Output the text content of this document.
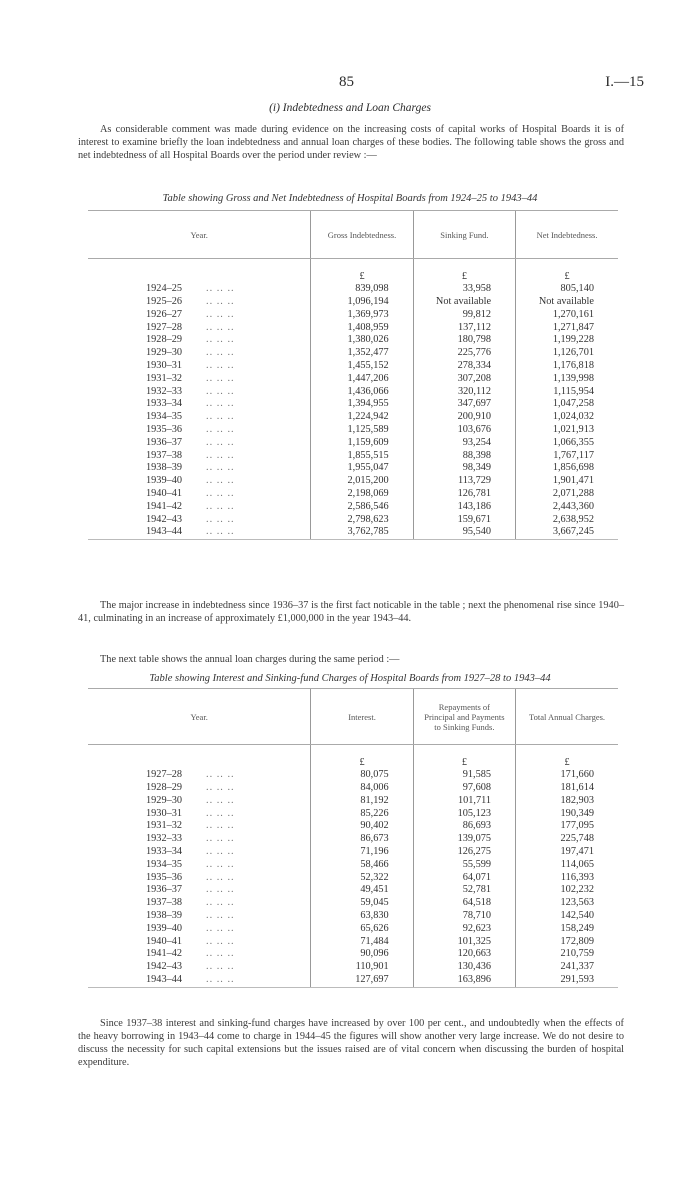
85	I.—15
(i) Indebtedness and Loan Charges

As considerable comment was made during evidence on the increasing costs of capital works of Hospital Boards it is of interest to examine briefly the loan indebtedness and annual loan charges of these bodies. The following table shows the gross and net indebtedness of all Hospital Boards over the period under review :—

Table showing Gross and Net Indebtedness of Hospital Boards from 1924–25 to 1943–44
Year.	Gross Indebtedness.	Sinking Fund.	Net Indebtedness.

	£	£	£
1924–25 .. .. ..	839,098	33,958	805,140
1925–26 .. .. ..	1,096,194	Not available	Not available
1926–27 .. .. ..	1,369,973	99,812	1,270,161
1927–28 .. .. ..	1,408,959	137,112	1,271,847
1928–29 .. .. ..	1,380,026	180,798	1,199,228
1929–30 .. .. ..	1,352,477	225,776	1,126,701
1930–31 .. .. ..	1,455,152	278,334	1,176,818
1931–32 .. .. ..	1,447,206	307,208	1,139,998
1932–33 .. .. ..	1,436,066	320,112	1,115,954
1933–34 .. .. ..	1,394,955	347,697	1,047,258
1934–35 .. .. ..	1,224,942	200,910	1,024,032
1935–36 .. .. ..	1,125,589	103,676	1,021,913
1936–37 .. .. ..	1,159,609	93,254	1,066,355
1937–38 .. .. ..	1,855,515	88,398	1,767,117
1938–39 .. .. ..	1,955,047	98,349	1,856,698
1939–40 .. .. ..	2,015,200	113,729	1,901,471
1940–41 .. .. ..	2,198,069	126,781	2,071,288
1941–42 .. .. ..	2,586,546	143,186	2,443,360
1942–43 .. .. ..	2,798,623	159,671	2,638,952
1943–44 .. .. ..	3,762,785	95,540	3,667,245

The major increase in indebtedness since 1936–37 is the first fact noticable in the table ; next the phenomenal rise since 1940–41, culminating in an increase of approximately £1,000,000 in the year 1943–44.

The next table shows the annual loan charges during the same period :—

Table showing Interest and Sinking-fund Charges of Hospital Boards from 1927–28 to 1943–44
Year.	Interest.	Repayments of Principal and Payments to Sinking Funds.	Total Annual Charges.

	£	£	£
1927–28 .. .. ..	80,075	91,585	171,660
1928–29 .. .. ..	84,006	97,608	181,614
1929–30 .. .. ..	81,192	101,711	182,903
1930–31 .. .. ..	85,226	105,123	190,349
1931–32 .. .. ..	90,402	86,693	177,095
1932–33 .. .. ..	86,673	139,075	225,748
1933–34 .. .. ..	71,196	126,275	197,471
1934–35 .. .. ..	58,466	55,599	114,065
1935–36 .. .. ..	52,322	64,071	116,393
1936–37 .. .. ..	49,451	52,781	102,232
1937–38 .. .. ..	59,045	64,518	123,563
1938–39 .. .. ..	63,830	78,710	142,540
1939–40 .. .. ..	65,626	92,623	158,249
1940–41 .. .. ..	71,484	101,325	172,809
1941–42 .. .. ..	90,096	120,663	210,759
1942–43 .. .. ..	110,901	130,436	241,337
1943–44 .. .. ..	127,697	163,896	291,593

Since 1937–38 interest and sinking-fund charges have increased by over 100 per cent., and undoubtedly when the effects of the heavy borrowing in 1943–44 come to charge in 1944–45 the figures will show another very large increase. We do not desire to discuss the necessity for such capital extensions but the issues raised are of vital concern when discussing the burden of hospital expenditure.
